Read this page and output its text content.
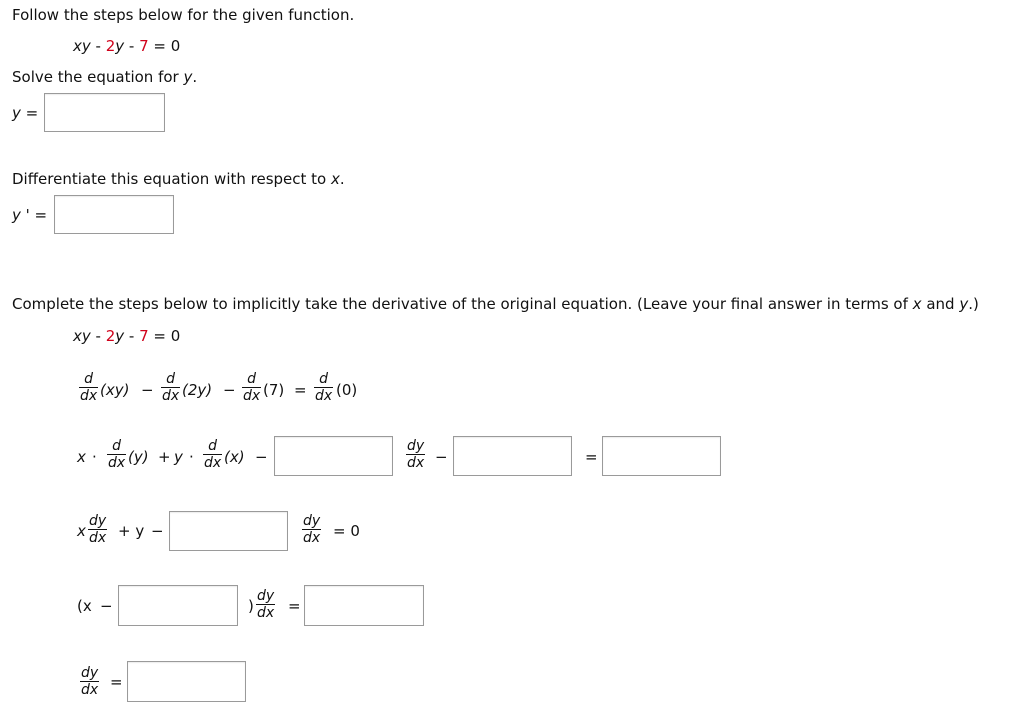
Follow the steps below for the given function.
xy - 2y - 7 = 0
Solve the equation for y.
y =
Differentiate this equation with respect to x.
y ' =
Complete the steps below to implicitly take the derivative of the original equation. (Leave your final answer in terms of x and y.)
xy - 2y - 7 = 0
d
dx (xy) −
d
dx (2y) −
d
dx (7) =
d
dx (0)
x ·
d
dx (y) + y ·
d
dx (x) −
dy
dx −	=
x
dy
dx + y −
dy
dx = 0
(x −	)
dy
dx =
dy
dx =
